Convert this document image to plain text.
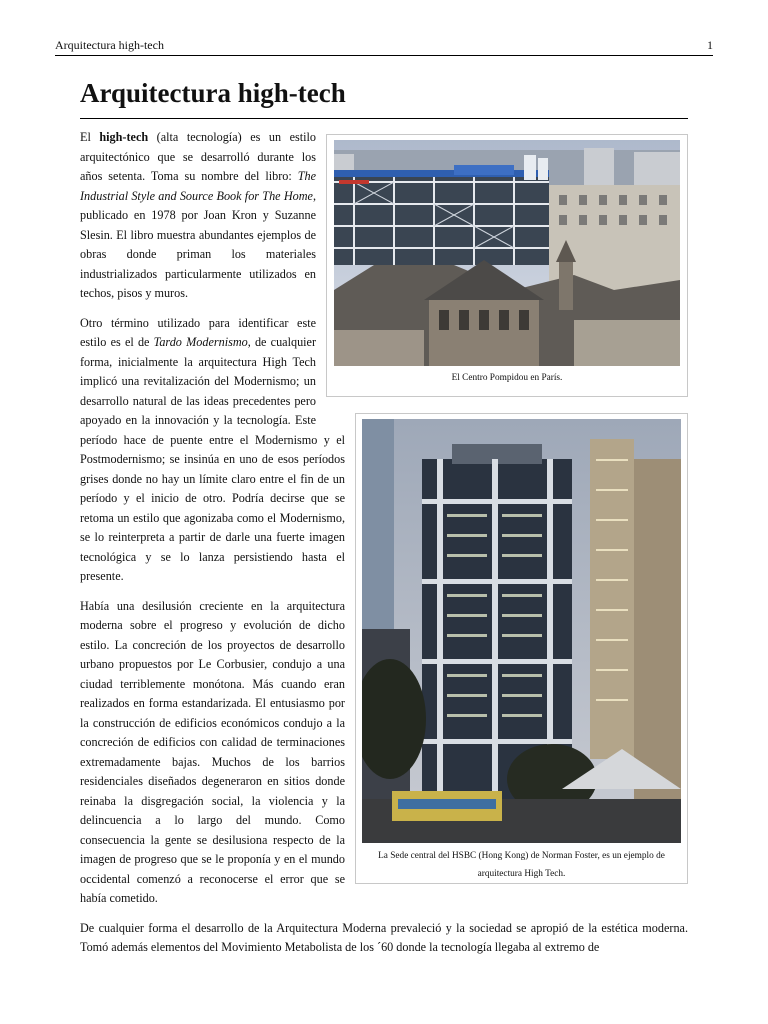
Arquitectura high-tech	1
Arquitectura high-tech
El Centro Pompidou en París.

El high-tech (alta tecnología) es un estilo arquitectónico que se desarrolló durante los años setenta. Toma su nombre del libro: The Industrial Style and Source Book for The Home, publicado en 1978 por Joan Kron y Suzanne Slesin. El libro muestra abundantes ejemplos de obras donde priman los materiales industrializados particularmente utilizados en techos, pisos y muros.

La Sede central del HSBC (Hong Kong) de Norman Foster, es un ejemplo de arquitectura High Tech.

Otro término utilizado para identificar este estilo es el de Tardo Modernismo, de cualquier forma, inicialmente la arquitectura High Tech implicó una revitalización del Modernismo; un desarrollo natural de las ideas precedentes pero apoyado en la innovación y la tecnología. Este período hace de puente entre el Modernismo y el Postmodernismo; se insinúa en uno de esos períodos grises donde no hay un límite claro entre el fin de un período y el inicio de otro. Podría decirse que se retoma un estilo que agonizaba como el Modernismo, se lo reinterpreta a partir de darle una fuerte imagen tecnológica y se lo lanza persistiendo hasta el presente.

Había una desilusión creciente en la arquitectura moderna sobre el progreso y evolución de dicho estilo. La concreción de los proyectos de desarrollo urbano propuestos por Le Corbusier, condujo a una ciudad terriblemente monótona. Más cuando eran realizados en forma estandarizada. El entusiasmo por la construcción de edificios económicos condujo a la concreción de edificios con calidad de terminaciones extremadamente bajas. Muchos de los barrios residenciales diseñados degeneraron en sitios donde reinaba la disgregación social, la violencia y la delincuencia a lo largo del mundo. Como consecuencia la gente se desilusiona respecto de la imagen de progreso que se le proponía y en el mundo occidental comenzó a reconocerse el error que se había cometido.

De cualquier forma el desarrollo de la Arquitectura Moderna prevaleció y la sociedad se apropió de la estética moderna. Tomó además elementos del Movimiento Metabolista de los ´60 donde la tecnología llegaba al extremo de
